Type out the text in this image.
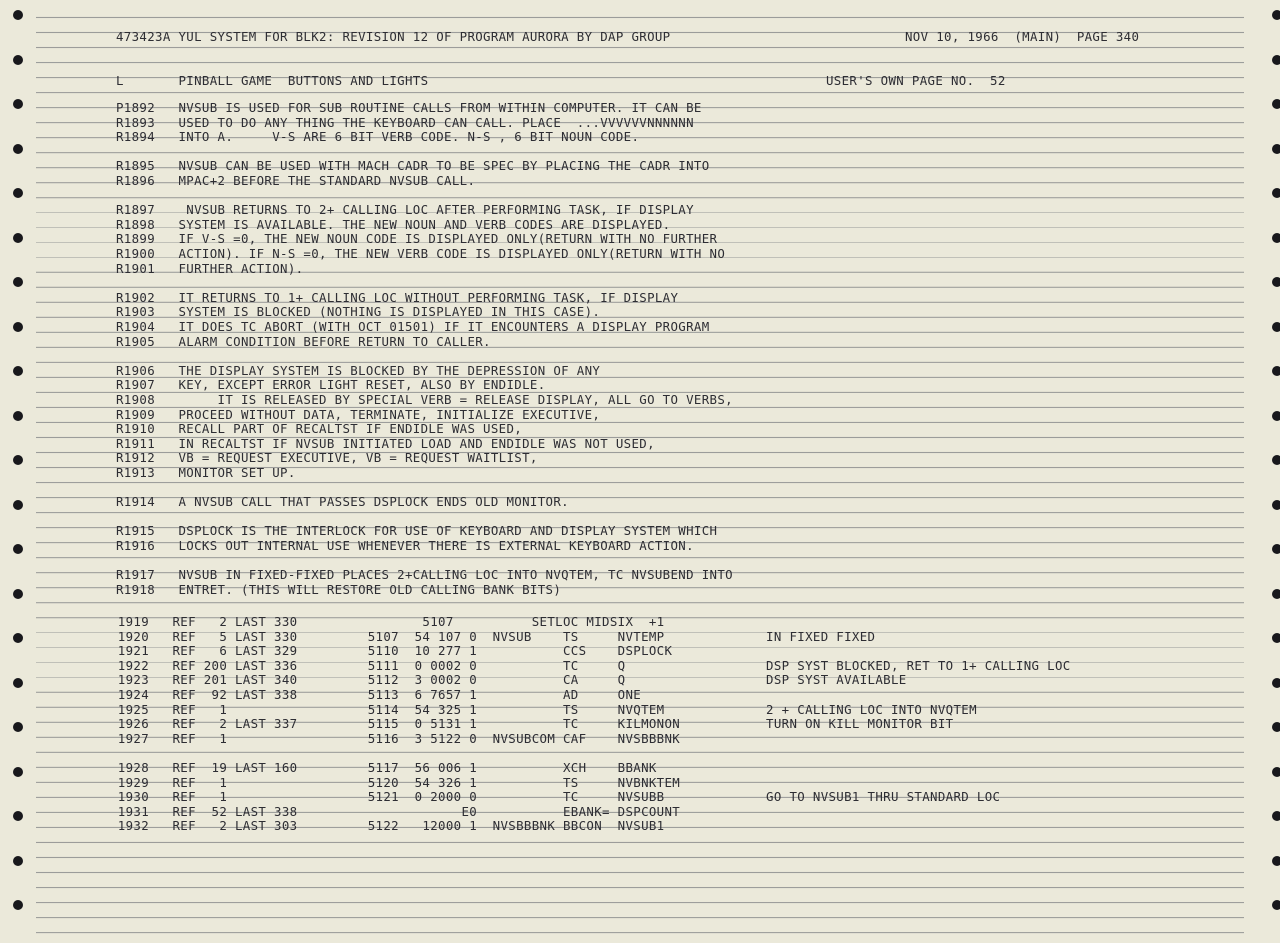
473423A YUL SYSTEM FOR BLK2: REVISION 12 OF PROGRAM AURORA BY DAP GROUP	NOV 10, 1966  (MAIN)  PAGE 340
L       PINBALL GAME  BUTTONS AND LIGHTS	USER'S OWN PAGE NO.  52
P1892   NVSUB IS USED FOR SUB ROUTINE CALLS FROM WITHIN COMPUTER. IT CAN BE
R1893   USED TO DO ANY THING THE KEYBOARD CAN CALL. PLACE  ...VVVVVVNNNNNN
R1894   INTO A.     V-S ARE 6 BIT VERB CODE. N-S , 6 BIT NOUN CODE.
R1895   NVSUB CAN BE USED WITH MACH CADR TO BE SPEC BY PLACING THE CADR INTO
R1896   MPAC+2 BEFORE THE STANDARD NVSUB CALL.
R1897    NVSUB RETURNS TO 2+ CALLING LOC AFTER PERFORMING TASK, IF DISPLAY
R1898   SYSTEM IS AVAILABLE. THE NEW NOUN AND VERB CODES ARE DISPLAYED.
R1899   IF V-S =0, THE NEW NOUN CODE IS DISPLAYED ONLY(RETURN WITH NO FURTHER
R1900   ACTION). IF N-S =0, THE NEW VERB CODE IS DISPLAYED ONLY(RETURN WITH NO
R1901   FURTHER ACTION).
R1902   IT RETURNS TO 1+ CALLING LOC WITHOUT PERFORMING TASK, IF DISPLAY
R1903   SYSTEM IS BLOCKED (NOTHING IS DISPLAYED IN THIS CASE).
R1904   IT DOES TC ABORT (WITH OCT 01501) IF IT ENCOUNTERS A DISPLAY PROGRAM
R1905   ALARM CONDITION BEFORE RETURN TO CALLER.
R1906   THE DISPLAY SYSTEM IS BLOCKED BY THE DEPRESSION OF ANY
R1907   KEY, EXCEPT ERROR LIGHT RESET, ALSO BY ENDIDLE.
R1908        IT IS RELEASED BY SPECIAL VERB = RELEASE DISPLAY, ALL GO TO VERBS,
R1909   PROCEED WITHOUT DATA, TERMINATE, INITIALIZE EXECUTIVE,
R1910   RECALL PART OF RECALTST IF ENDIDLE WAS USED,
R1911   IN RECALTST IF NVSUB INITIATED LOAD AND ENDIDLE WAS NOT USED,
R1912   VB = REQUEST EXECUTIVE, VB = REQUEST WAITLIST,
R1913   MONITOR SET UP.
R1914   A NVSUB CALL THAT PASSES DSPLOCK ENDS OLD MONITOR.
R1915   DSPLOCK IS THE INTERLOCK FOR USE OF KEYBOARD AND DISPLAY SYSTEM WHICH
R1916   LOCKS OUT INTERNAL USE WHENEVER THERE IS EXTERNAL KEYBOARD ACTION.
R1917   NVSUB IN FIXED-FIXED PLACES 2+CALLING LOC INTO NVQTEM, TC NVSUBEND INTO
R1918   ENTRET. (THIS WILL RESTORE OLD CALLING BANK BITS)
1919   REF   2 LAST 330                5107          SETLOC MIDSIX  +1
1920   REF   5 LAST 330         5107  54 107 0  NVSUB    TS     NVTEMP             IN FIXED FIXED
1921   REF   6 LAST 329         5110  10 277 1           CCS    DSPLOCK
1922   REF 200 LAST 336         5111  0 0002 0           TC     Q                  DSP SYST BLOCKED, RET TO 1+ CALLING LOC
1923   REF 201 LAST 340         5112  3 0002 0           CA     Q                  DSP SYST AVAILABLE
1924   REF  92 LAST 338         5113  6 7657 1           AD     ONE
1925   REF   1                  5114  54 325 1           TS     NVQTEM             2 + CALLING LOC INTO NVQTEM
1926   REF   2 LAST 337         5115  0 5131 1           TC     KILMONON           TURN ON KILL MONITOR BIT
1927   REF   1                  5116  3 5122 0  NVSUBCOM CAF    NVSBBBNK
1928   REF  19 LAST 160         5117  56 006 1           XCH    BBANK
1929   REF   1                  5120  54 326 1           TS     NVBNKTEM
1930   REF   1                  5121  0 2000 0           TC     NVSUBB             GO TO NVSUB1 THRU STANDARD LOC
1931   REF  52 LAST 338                     E0           EBANK= DSPCOUNT
1932   REF   2 LAST 303         5122   12000 1  NVSBBBNK BBCON  NVSUB1
